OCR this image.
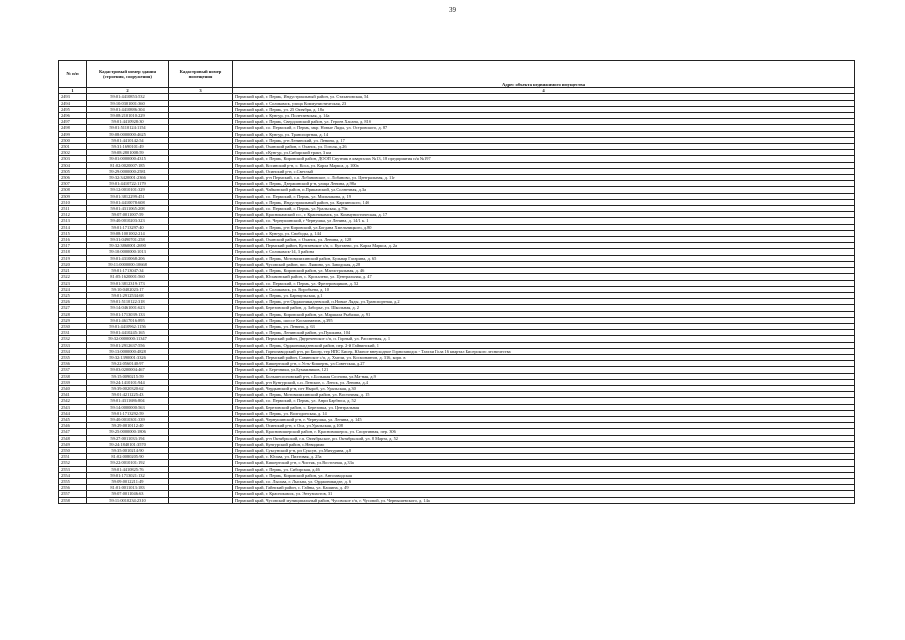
39
№ п/п	Кадастровый номер здания (строения, сооружения)	Кадастровый номер помещения	Адрес объекта недвижимого имущества
1	2	3	4
2493	59:01:4410853:532		Пермский край, г. Пермь, Индустриальный район, ул. Стахановская, 54
2494	59:10:0301001:360		Пермский край, г. Соликамск, улица Коммунистическая, 23
2495	59:01:4410886:304		Пермский край, г. Пермь, ул. 25 Октября, д. 18а
2496	59:08:2101010:229		Пермский край, г. Кунгур, ул. Полетаевская, д. 14а
2497	59:01:4410928:30		Пермский край, г. Пермь, Свердловский район, ул. Героев Хасана, д. 81б
2498	59:01:5110124:1154		Пермский край, г.о. Пермский, г. Пермь, мкр. Новые Ляды, ул. Островского, д. 87
2499	59:08:0000000:4625		Пермский край, г. Кунгур, ул. Транспортная, д. 14
2500	59:01:4410142:54		Пермский край, г. Пермь, р-н Ленинский, ул. Ленина, д. 17
2501	59:31:1690101:49		Пермский край, Оханский район, г. Оханск, ул. Гоголя, д.26
2502	59:08:2801008:59		Пермский край, г.Кунгур, ул.Сибирский тракт, 3 км
2503	59:01:0000000:4315		Пермский край, г. Пермь, Кировский район, ДООП Спутник в кварталах №13, 18 предприятия п/я №197
2504	81:02:0020007:185		Пермский край, Косинский р-н, с. Коса, ул. Карла Маркса, д. 100а
2505	59:29:0000000:2581		Пермский край, Осинский р-н, с.Светлый
2506	59:32:3420001:2366		Пермский край, р-н Пермский, с.п. Лобановское, с. Лобаново, ул. Центральная, д. 11г
2507	59:01:4410722:1179		Пермский край, г. Пермь, Дзержинский р-н, улица Ленина, д.98а
2508	59:12:0010101:329		Пермский край, Чайковский район, п.Прикамский, ул.Солнечная, д.3а
2509	59:01:3812299:451		Пермский край, г.о. Пермский, г. Пермь, ул. Мильчакова, д. 19
2510	59:01:4410078:608		Пермский край, г. Пермь, Индустриальный район, ул. Карпинского, 14б
2511	59:01:4311065:208		Пермский край, г.о. Пермский, г. Пермь, ул.Уральская, д.79а
2512	59:07:0011007:59		Пермский край, Краснокамский г.о., г. Краснокамск, ул. Коммунистическая, д. 17
2513	59:40:0010203:323		Пермский край, г.о. Чернушинский, г Чернушка, ул Ленина, д. 14/1 к. 1
2514	59:01:1713297:40		Пермский край, г. Пермь, р-н Кировский, ул.Богдана Хмельницкого, д.80
2515	59:08:1001002:214		Пермский край, г. Кунгур, ул. Свободы, д. 144
2516	59:31:0490701:258		Пермский край, Оханский район, г. Оханск, ул. Ленина, д. 128
2517	59:32:3860001:2690		Пермский край, Пермский район, Култаевское с/п, с. Култаево, ул. Карла Маркса, д. 2а
2518	59:10:0000000:1013		Пермский край, г. Соликамск-14, 3 района
2519	59:01:4310068:206		Пермский край, г. Пермь, Мотовилихинский район, Бульвар Гагарина, д. 65
2520	59:11:0000000:10668		Пермский край, Чусовской район, пос. Лямино, ул. Заводская, д.28
2521	59:01:1713047:34		Пермский край, г. Пермь, Кировский район, ул. Магистральная, д. 46
2522	81:05:1620001:560		Пермский край, Юсьвинский район, с. Крохалево, ул. Центральная, д. 47
2523	59:01:3812319:173		Пермский край, г.о. Пермский, г. Пермь, ул. Фрезеровщиков, д. 52
2524	59:10:0402023:17		Пермский край, г. Соликамск, ул. Воробьева, д. 10
2525	59:01:2912534:68		Пермский край, г. Пермь, ул. Барнаульская, д.1
2526	59:01:5110122:318		Пермский край, г. Пермь, р-н Орджоникидзевский, п.Новые Ляды, ул.Транспортная, д.2
2527	59:14:0461001:623		Пермский край, Березовский район, д. Заборье, ул. Школьная, д. 2
2528	59:01:1713039:133		Пермский край, г. Пермь, Кировский район, ул. Маршала Рыбалко, д. 91
2529	59:01:4617016:895		Пермский край, г. Пермь, шоссе Космонавтов, д.395
2530	59:01:4410962:1156		Пермский край, г. Пермь, ул. Ленина, д. 63
2531	59:01:4410245:165		Пермский край, г. Пермь, Ленинский район, ул.Пушкина, 104
2532	59:32:0000000:11347		Пермский край, Пермский район, Двуреченское с/п, п. Горный, ул. Рассветная, д. 1
2533	59:01:2912637:556		Пермский край, г. Пермь, Орджоникидзевский район, пер. 2-й Гайвинский, 1
2534	59:13:0000000:4828		Пермский край, Горнозаводский р-н, рп Бисер, тер НПС Бисер, Южное внеуходное Горнозаводск - Тахтаи Гола 16 квартал Бисерского лесничества
2535	59:32:1390001:3326		Пермский край, Пермский район, Савинское с/п, д. Хмели, ул. Космонавтов, д. 316, корп. в
2536	59:22:0560140:97		Пермский край, Кишертский р-н, с.Усть-Кишерть, ул.Советская, д.27
2537	59:03:0200004:467		Пермский край, г. Березники, ул.Бумажников, 121
2538	59:15:0090215:59		Пермский край, Большесосновский р-н, с.Большая Соснова, ул.Ма-ная, д.9
2539	59:24:1410101:944		Пермский край, р-н Кунгурский, с.п. Ленское, с. Ленск, ул. Ленина, д.4
2540	59:39:0020320:62		Пермский край, Чердынский р-н, пгт Ныроб, ул. Уральская, д.30
2541	59:01:4211225:43		Пермский край, г. Пермь, Мотовилихинский район, ул. Восточная, д. 15
2542	59:01:4311686:804		Пермский край, г.о. Пермский, г. Пермь, ул. Анри Барбюса, д. 52
2543	59:14:0000000:563		Пермский край, Березовский район, с. Березовка, ул. Центральная
2544	59:01:1713292:59		Пермский край, г. Пермь, ул. Волгодонская, д. 14
2545	59:40:0010301:339		Пермский край, Чернушинский р-н, г. Чернушка, ул. Ленина, д. 145
2546	59:29:0010112:40		Пермский край, Осинский р-н, г. Оса, ул.Уральская, д.108
2547	59:25:0000000:1806		Пермский край, Красновишерский район, г. Красновишерск, ул. Спортивная, пер. 306
2548	59:27:0011033:194		Пермский край, р-н Октябрьский, г.п. Октябрьское, рп. Октябрьский, ул. 8 Марта, д. 52
2549	59:24:1840101:3570		Пермский край, Кунгурский район, с.Невидимо
2550	59:35:0010214:90		Пермский край, Суксунский р-н, рп Суксун, ул.Мичурина, д.8
2551	81:02:0080205:90		Пермский край, с. Юсьва, ул. Пихтовая, д. 25а
2552	59:22:0010101:192		Пермский край, Кишертский р-н, с.Чистяк, ул.Восточная, д.33а
2553	59:01:4410825:76		Пермский край, г. Пермь, ул. Сибирская, д.46
2554	59:01:1713021:132		Пермский край, г. Пермь, Кировский район, ул. Автозаводская
2555	59:09:0012211:49		Пермский край, г.о. Лысьва, г. Лысьва, ул. Орджоникидзе, д. 6
2556	81:01:0011013:183		Пермский край, Гайнский район, с. Гайны, ул. Кашина, д. 49
2557	59:07:0011046:63		Пермский край, г. Краснокамск, ул. Энтузиастов, 31
2558	59:11:0010234:2310		Пермский край, Чусовской муниципальный район, Чусовское г/п, г. Чусовой, ул. Чернышевского, д. 14а
